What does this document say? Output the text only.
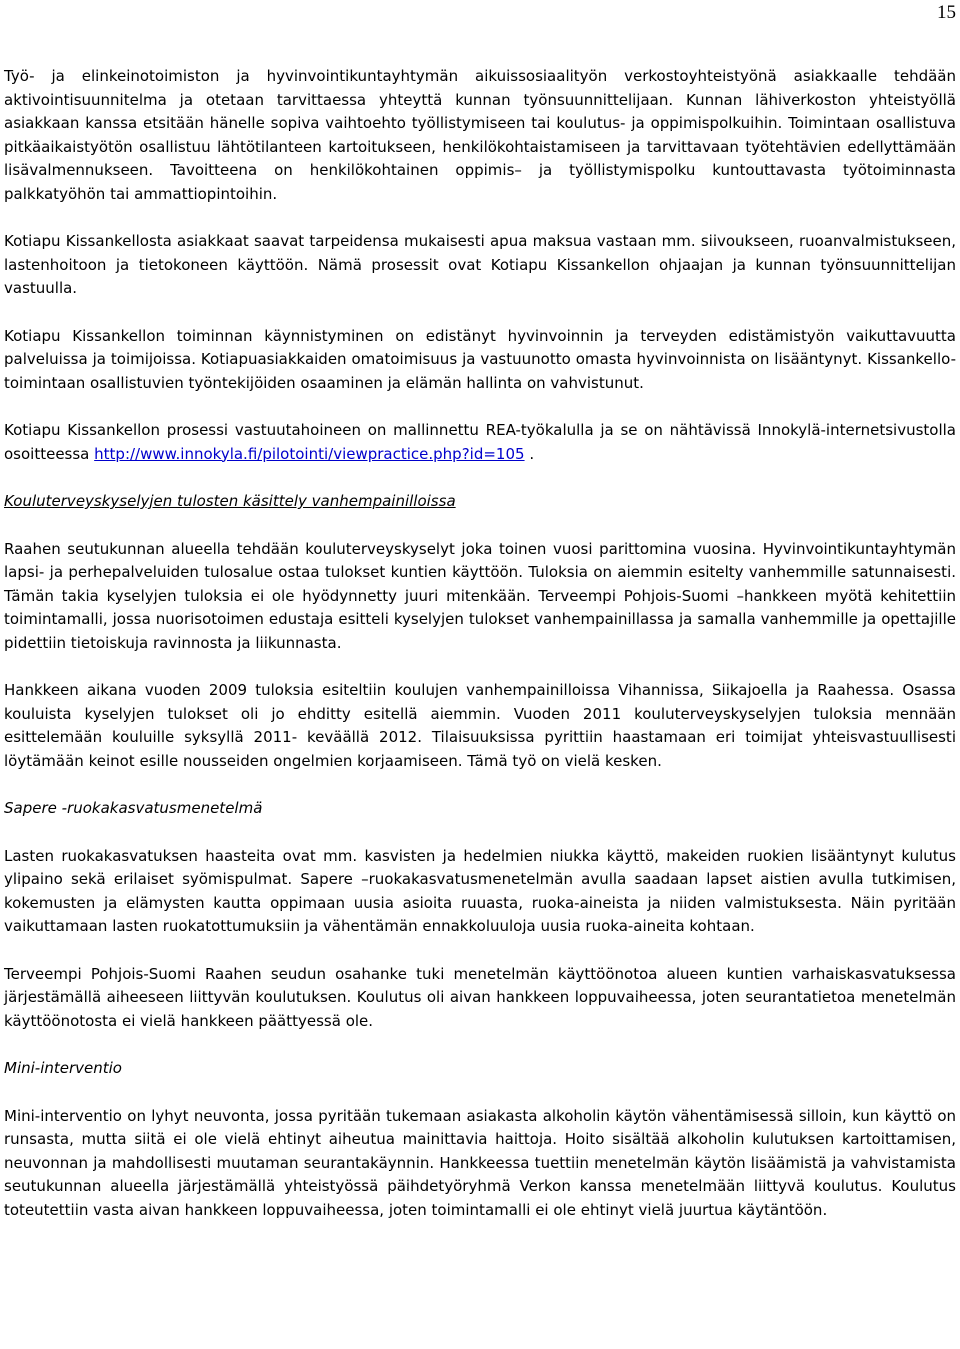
15

Työ- ja elinkeinotoimiston ja hyvinvointikuntayhtymän aikuissosiaalityön verkostoyhteistyönä asiakkaalle tehdään aktivointisuunnitelma ja otetaan tarvittaessa yhteyttä kunnan työnsuunnittelijaan. Kunnan lähiverkoston yhteistyöllä asiakkaan kanssa etsitään hänelle sopiva vaihtoehto työllistymiseen tai koulutus- ja oppimispolkuihin. Toimintaan osallistuva pitkäaikaistyötön osallistuu lähtötilanteen kartoitukseen, henkilökohtaistamiseen ja tarvittavaan työtehtävien edellyttämään lisävalmennukseen. Tavoitteena on henkilökohtainen oppimis– ja työllistymispolku kuntouttavasta työtoiminnasta palkkatyöhön tai ammattiopintoihin.

Kotiapu Kissankellosta asiakkaat saavat tarpeidensa mukaisesti apua maksua vastaan mm. siivoukseen, ruoanvalmistukseen, lastenhoitoon ja tietokoneen käyttöön. Nämä prosessit ovat Kotiapu Kissankellon ohjaajan ja kunnan työnsuunnittelijan vastuulla.

Kotiapu Kissankellon toiminnan käynnistyminen on edistänyt hyvinvoinnin ja terveyden edistämistyön vaikuttavuutta palveluissa ja toimijoissa. Kotiapuasiakkaiden omatoimisuus ja vastuunotto omasta hyvinvoinnista on lisääntynyt. Kissankello-toimintaan osallistuvien työntekijöiden osaaminen ja elämän hallinta on vahvistunut.

Kotiapu Kissankellon prosessi vastuutahoineen on mallinnettu REA-työkalulla ja se on nähtävissä Innokylä-internetsivustolla osoitteessa http://www.innokyla.fi/pilotointi/viewpractice.php?id=105 .

Kouluterveyskyselyjen tulosten käsittely vanhempainilloissa

Raahen seutukunnan alueella tehdään kouluterveyskyselyt joka toinen vuosi parittomina vuosina. Hyvinvointikuntayhtymän lapsi- ja perhepalveluiden tulosalue ostaa tulokset kuntien käyttöön. Tuloksia on aiemmin esitelty vanhemmille satunnaisesti. Tämän takia kyselyjen tuloksia ei ole hyödynnetty juuri mitenkään. Terveempi Pohjois-Suomi –hankkeen myötä kehitettiin toimintamalli, jossa nuorisotoimen edustaja esitteli kyselyjen tulokset vanhempainillassa ja samalla vanhemmille ja opettajille pidettiin tietoiskuja ravinnosta ja liikunnasta.

Hankkeen aikana vuoden 2009 tuloksia esiteltiin koulujen vanhempainilloissa Vihannissa, Siikajoella ja Raahessa. Osassa kouluista kyselyjen tulokset oli jo ehditty esitellä aiemmin. Vuoden 2011 kouluterveyskyselyjen tuloksia mennään esittelemään kouluille syksyllä 2011- keväällä 2012. Tilaisuuksissa pyrittiin haastamaan eri toimijat yhteisvastuullisesti löytämään keinot esille nousseiden ongelmien korjaamiseen. Tämä työ on vielä kesken.

Sapere -ruokakasvatusmenetelmä

Lasten ruokakasvatuksen haasteita ovat mm. kasvisten ja hedelmien niukka käyttö, makeiden ruokien lisääntynyt kulutus ylipaino sekä erilaiset syömispulmat. Sapere –ruokakasvatusmenetelmän avulla saadaan lapset aistien avulla tutkimisen, kokemusten ja elämysten kautta oppimaan uusia asioita ruuasta, ruoka-aineista ja niiden valmistuksesta. Näin pyritään vaikuttamaan lasten ruokatottumuksiin ja vähentämän ennakkoluuloja uusia ruoka-aineita kohtaan.

Terveempi Pohjois-Suomi Raahen seudun osahanke tuki menetelmän käyttöönotoa alueen kuntien varhaiskasvatuksessa järjestämällä aiheeseen liittyvän koulutuksen. Koulutus oli aivan hankkeen loppuvaiheessa, joten seurantatietoa menetelmän käyttöönotosta ei vielä hankkeen päättyessä ole.

Mini-interventio

Mini-interventio on lyhyt neuvonta, jossa pyritään tukemaan asiakasta alkoholin käytön vähentämisessä silloin, kun käyttö on runsasta, mutta siitä ei ole vielä ehtinyt aiheutua mainittavia haittoja. Hoito sisältää alkoholin kulutuksen kartoittamisen, neuvonnan ja mahdollisesti muutaman seurantakäynnin. Hankkeessa tuettiin menetelmän käytön lisäämistä ja vahvistamista seutukunnan alueella järjestämällä yhteistyössä päihdetyöryhmä Verkon kanssa menetelmään liittyvä koulutus. Koulutus toteutettiin vasta aivan hankkeen loppuvaiheessa, joten toimintamalli ei ole ehtinyt vielä juurtua käytäntöön.
